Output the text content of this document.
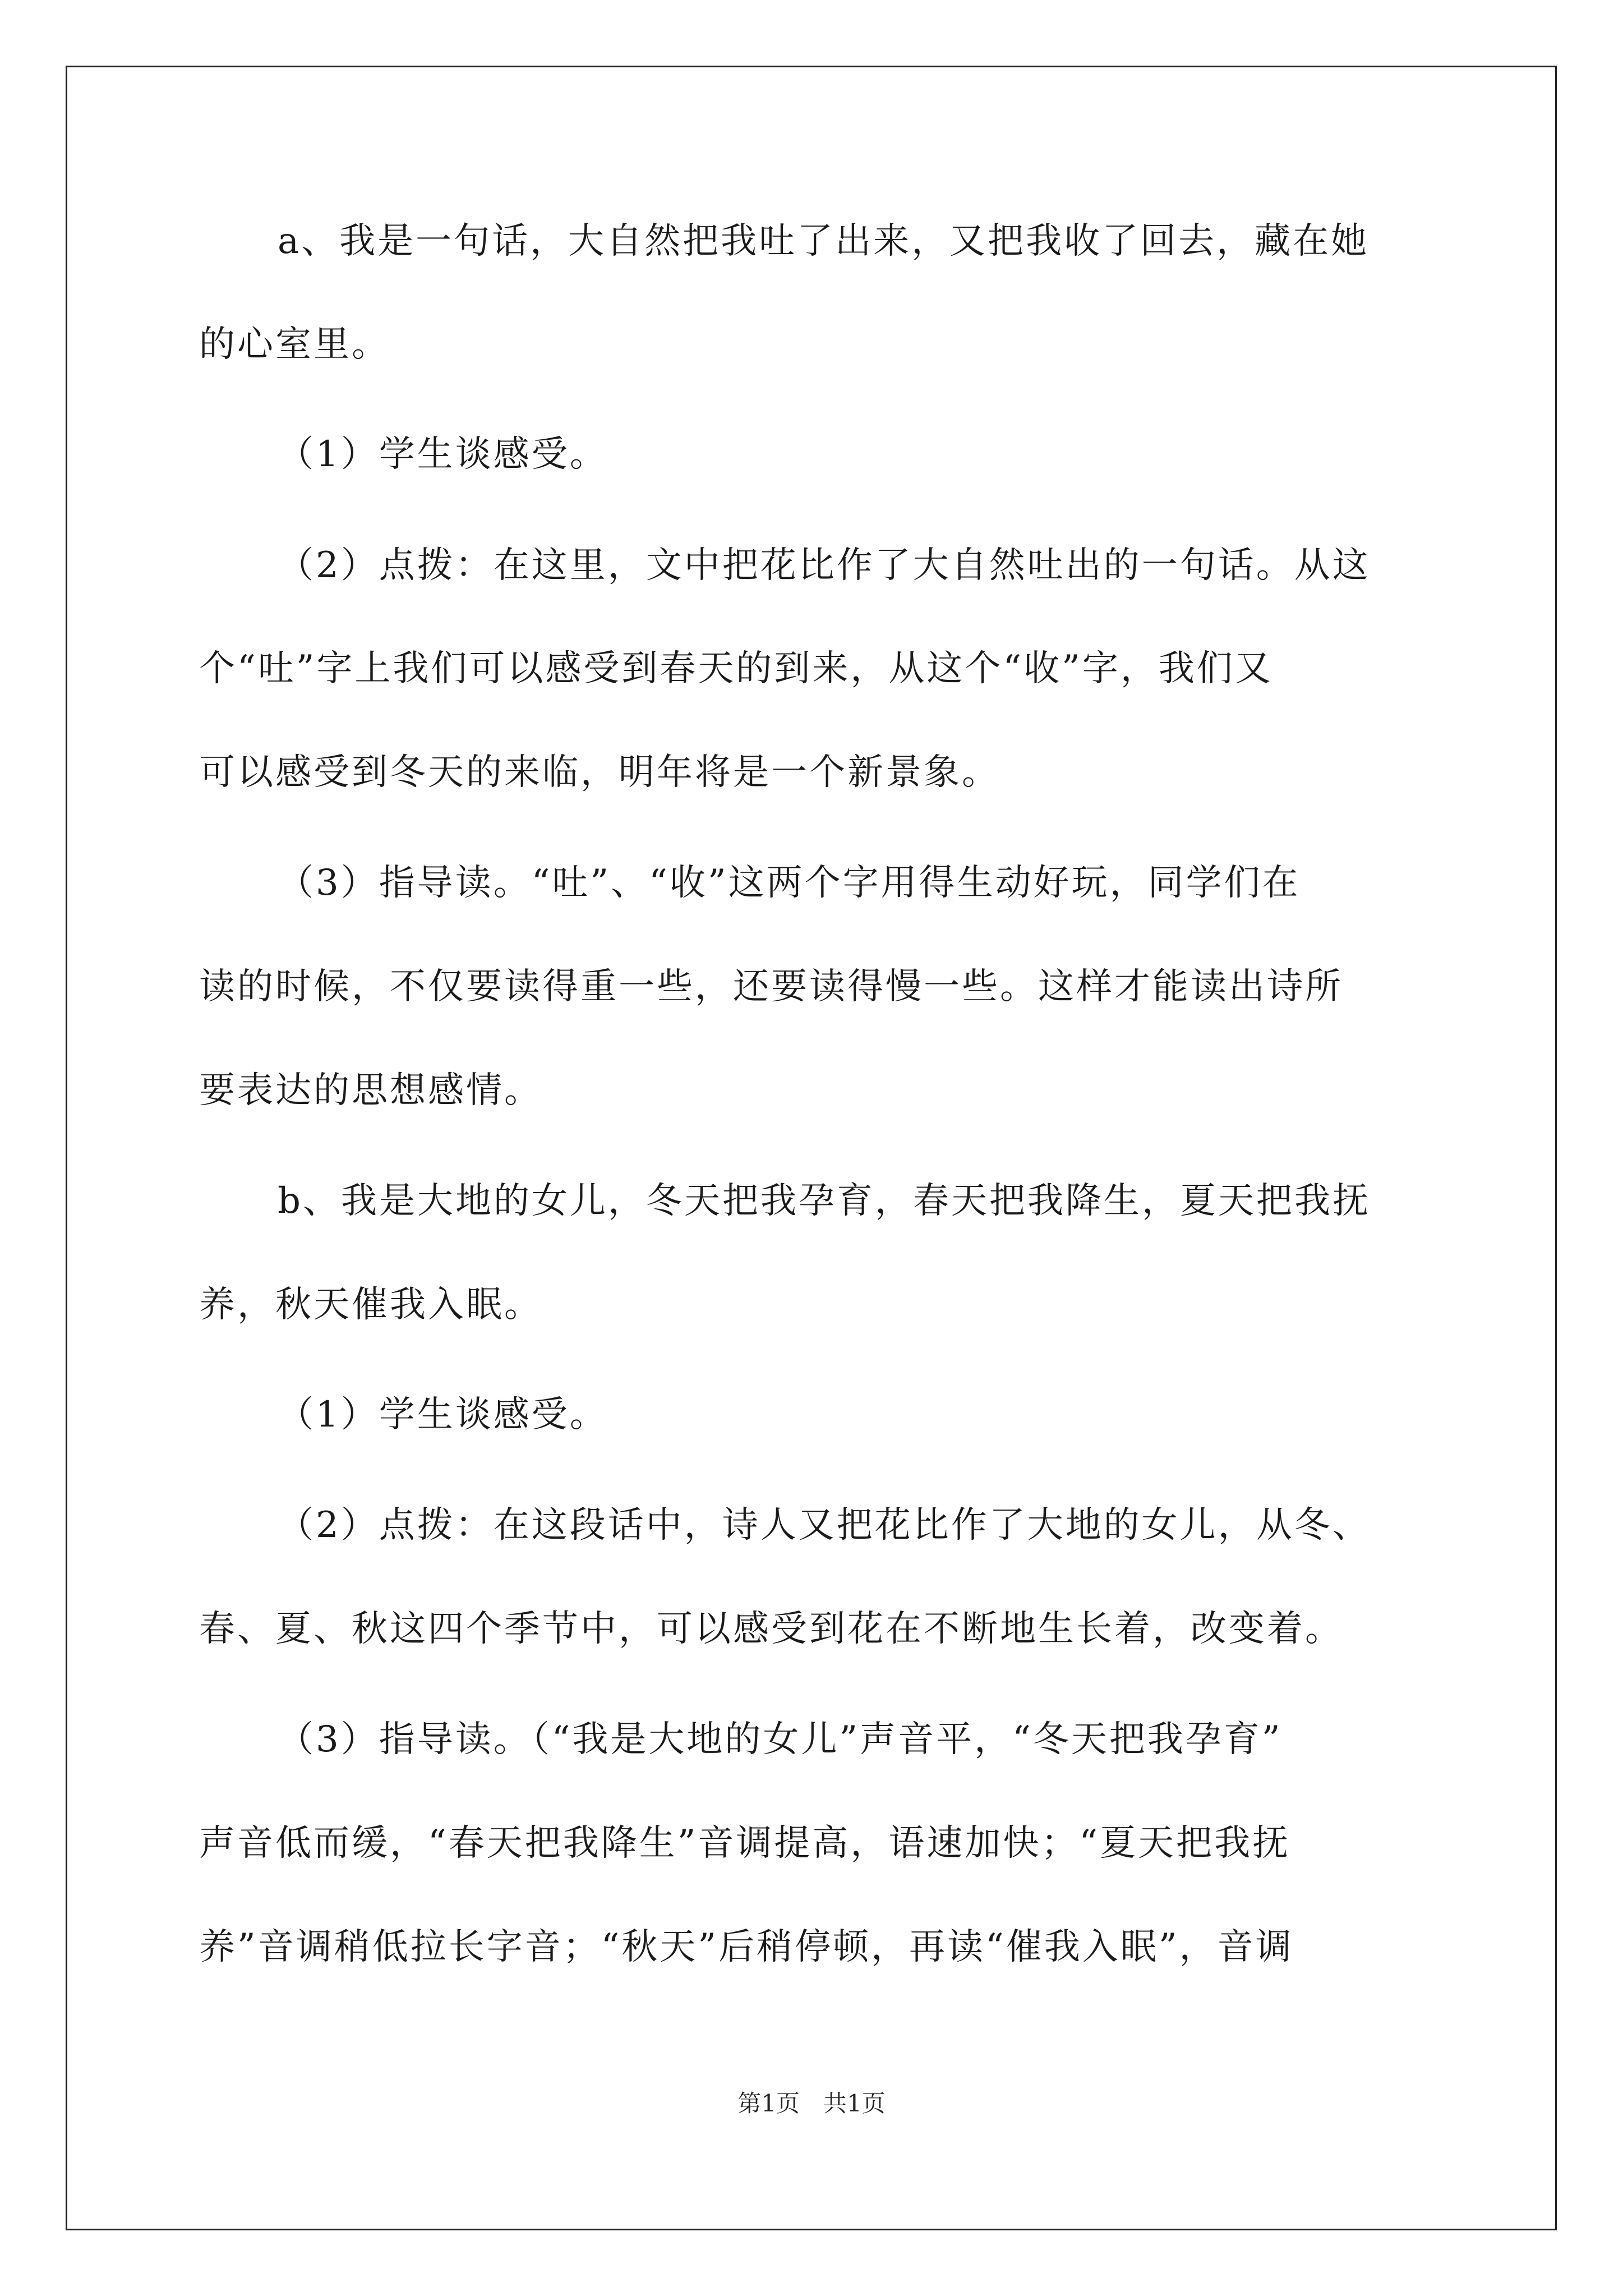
a、我是一句话，大自然把我吐了出来，又把我收了回去，藏在她
的心室里。
（1）学生谈感受。
（2）点拨：在这里，文中把花比作了大自然吐出的一句话。从这
个“吐”字上我们可以感受到春天的到来，从这个“收”字，我们又
可以感受到冬天的来临，明年将是一个新景象。
（3）指导读。“吐”、“收”这两个字用得生动好玩，同学们在
读的时候，不仅要读得重一些，还要读得慢一些。这样才能读出诗所
要表达的思想感情。
b、我是大地的女儿，冬天把我孕育，春天把我降生，夏天把我抚
养，秋天催我入眠。
（1）学生谈感受。
（2）点拨：在这段话中，诗人又把花比作了大地的女儿，从冬、
春、夏、秋这四个季节中，可以感受到花在不断地生长着，改变着。
（3）指导读。（“我是大地的女儿”声音平，“冬天把我孕育”
声音低而缓，“春天把我降生”音调提高，语速加快；“夏天把我抚
养”音调稍低拉长字音；“秋天”后稍停顿，再读“催我入眠”，音调
第1页　共1页
